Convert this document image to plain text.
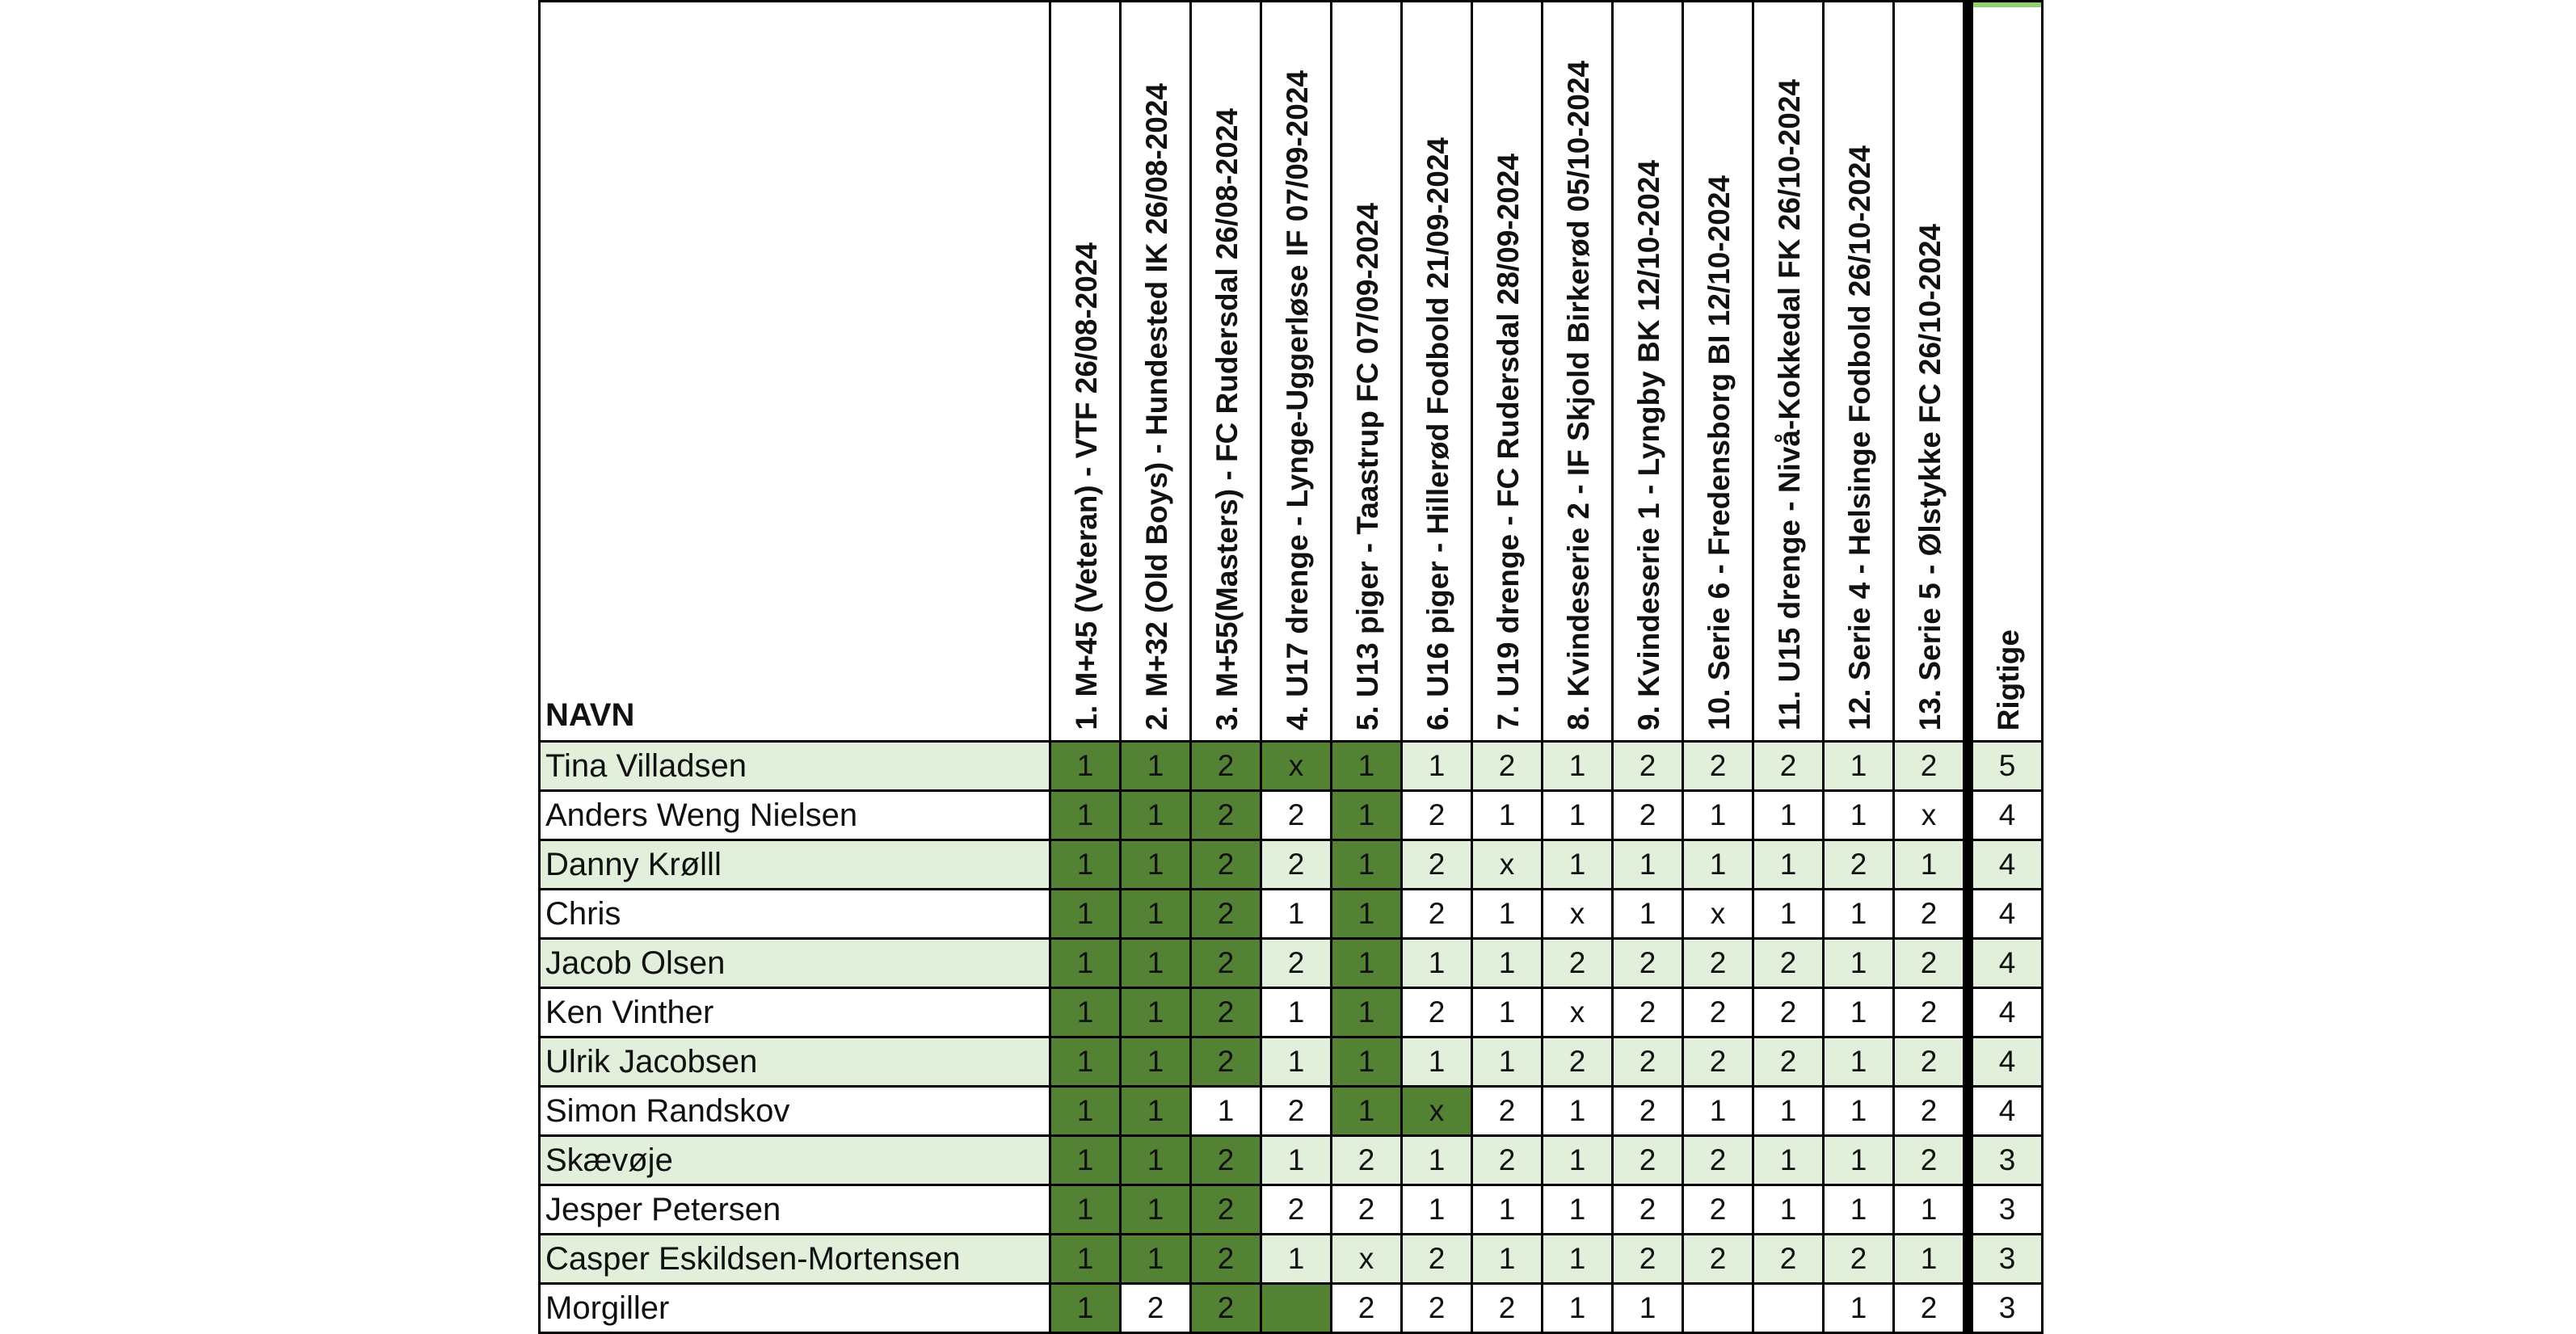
NAVN	1. M+45 (Veteran) - VTF 26/08-2024	2. M+32 (Old Boys) - Hundested IK 26/08-2024	3. M+55(Masters) - FC Rudersdal 26/08-2024	4. U17 drenge - Lynge-Uggerløse IF 07/09-2024	5. U13 piger - Taastrup FC 07/09-2024	6. U16 piger - Hillerød Fodbold 21/09-2024	7. U19 drenge - FC Rudersdal 28/09-2024	8. Kvindeserie 2 - IF Skjold Birkerød 05/10-2024	9. Kvindeserie 1 - Lyngby BK 12/10-2024	10. Serie 6 - Fredensborg BI 12/10-2024	11. U15 drenge - Nivå-Kokkedal FK 26/10-2024	12. Serie 4 - Helsinge Fodbold 26/10-2024	13. Serie 5 - Ølstykke FC 26/10-2024		Rigtige

Tina Villadsen	1	1	2	x	1	1	2	1	2	2	2	1	2		5
Anders Weng Nielsen	1	1	2	2	1	2	1	1	2	1	1	1	x		4
Danny Krølll	1	1	2	2	1	2	x	1	1	1	1	2	1		4
Chris	1	1	2	1	1	2	1	x	1	x	1	1	2		4
Jacob Olsen	1	1	2	2	1	1	1	2	2	2	2	1	2		4
Ken Vinther	1	1	2	1	1	2	1	x	2	2	2	1	2		4
Ulrik Jacobsen	1	1	2	1	1	1	1	2	2	2	2	1	2		4
Simon Randskov	1	1	1	2	1	x	2	1	2	1	1	1	2		4
Skævøje	1	1	2	1	2	1	2	1	2	2	1	1	2		3
Jesper Petersen	1	1	2	2	2	1	1	1	2	2	1	1	1		3
Casper Eskildsen-Mortensen	1	1	2	1	x	2	1	1	2	2	2	2	1		3
Morgiller	1	2	2		2	2	2	1	1			1	2		3
